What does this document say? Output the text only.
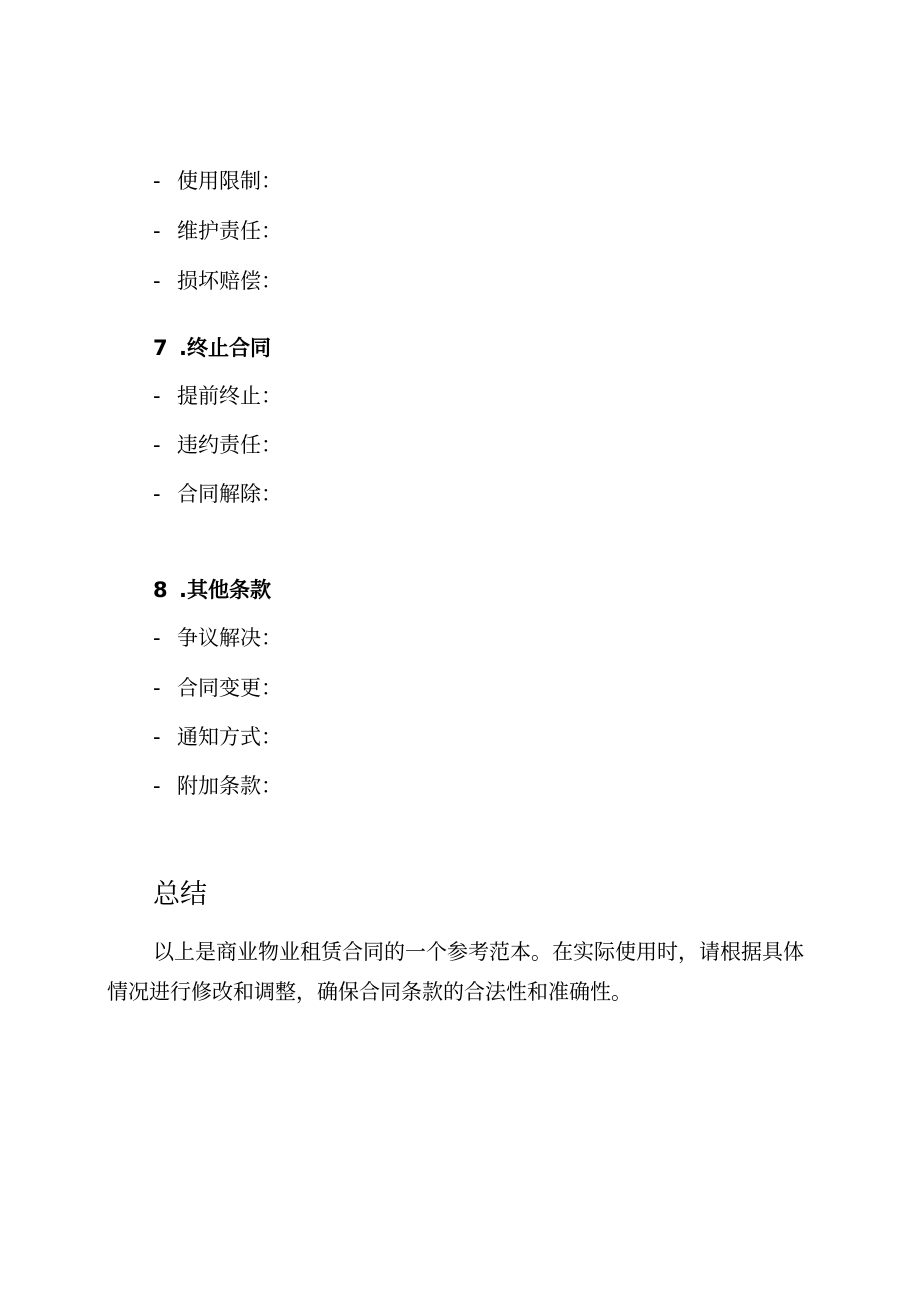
- 使用限制：
- 维护责任：
- 损坏赔偿：
7 .终止合同
- 提前终止：
- 违约责任：
- 合同解除：
8 .其他条款
- 争议解决：
- 合同变更：
- 通知方式：
- 附加条款：
总结

以上是商业物业租赁合同的一个参考范本。在实际使用时，请根据具体情况进行修改和调整，确保合同条款的合法性和准确性。
